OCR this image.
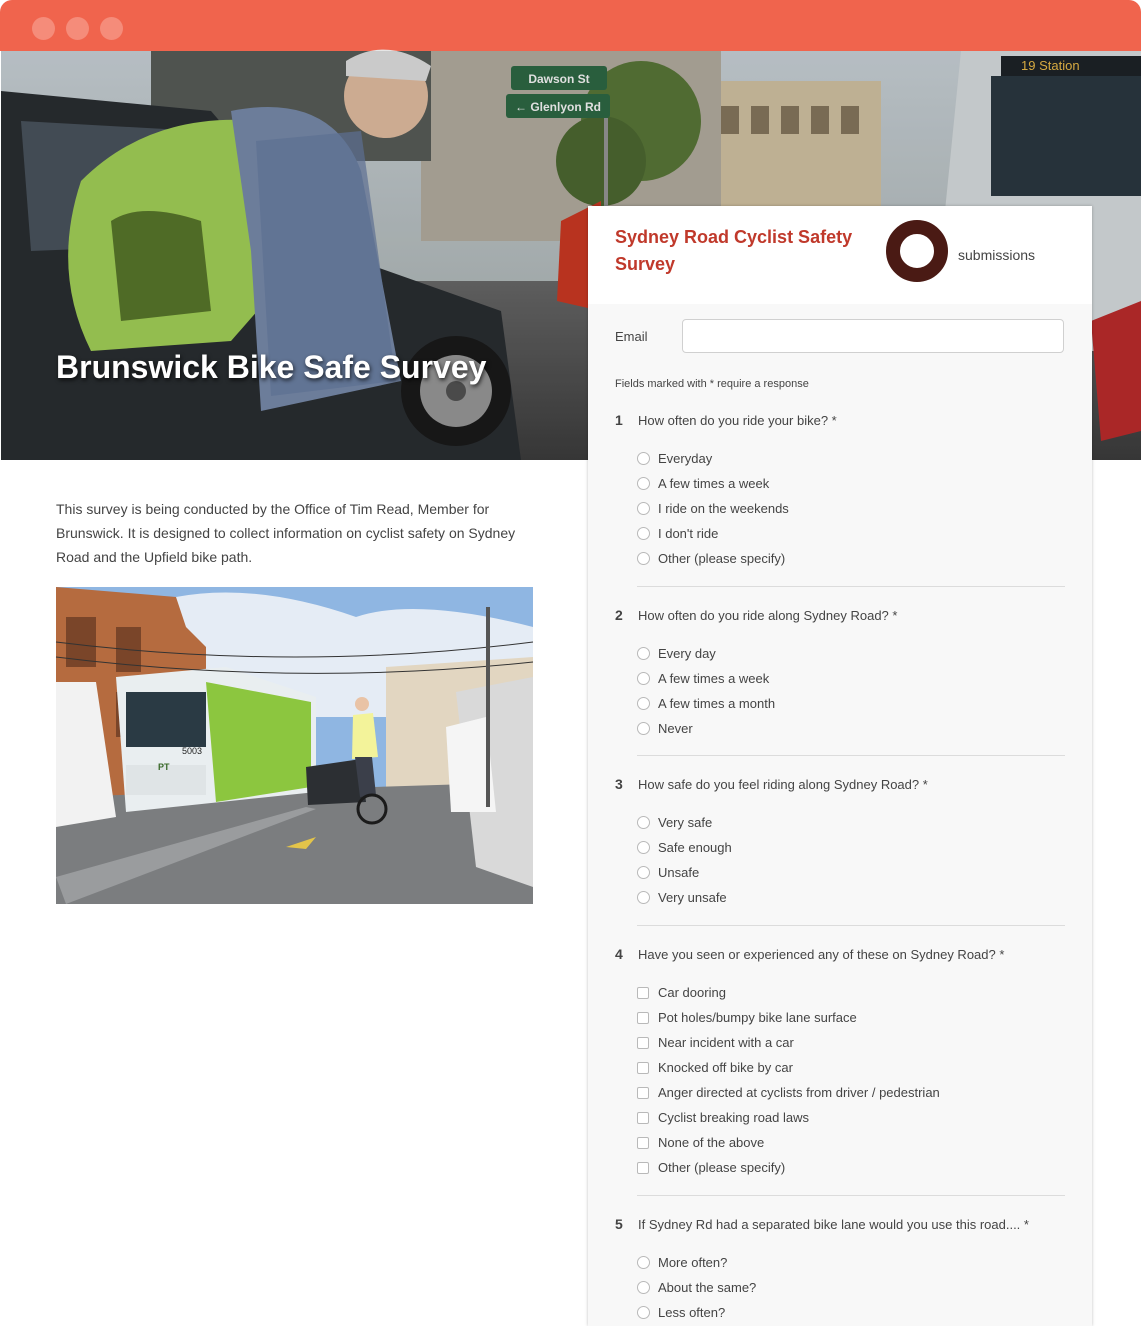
Dawson St
← Glenlyon Rd
19 Station
Brunswick Bike Safe Survey

This survey is being conducted by the Office of Tim Read, Member for Brunswick. It is designed to collect information on cyclist safety on Sydney Road and the Upfield bike path.

5003
PT
Sydney Road Cyclist Safety Survey	submissions
Email
Fields marked with * require a response
1 How often do you ride your bike? *
Everyday
A few times a week
I ride on the weekends
I don't ride
Other (please specify)
2 How often do you ride along Sydney Road? *
Every day
A few times a week
A few times a month
Never
3 How safe do you feel riding along Sydney Road? *
Very safe
Safe enough
Unsafe
Very unsafe
4 Have you seen or experienced any of these on Sydney Road? *
Car dooring
Pot holes/bumpy bike lane surface
Near incident with a car
Knocked off bike by car
Anger directed at cyclists from driver / pedestrian
Cyclist breaking road laws
None of the above
Other (please specify)
5 If Sydney Rd had a separated bike lane would you use this road.... *
More often?
About the same?
Less often?
